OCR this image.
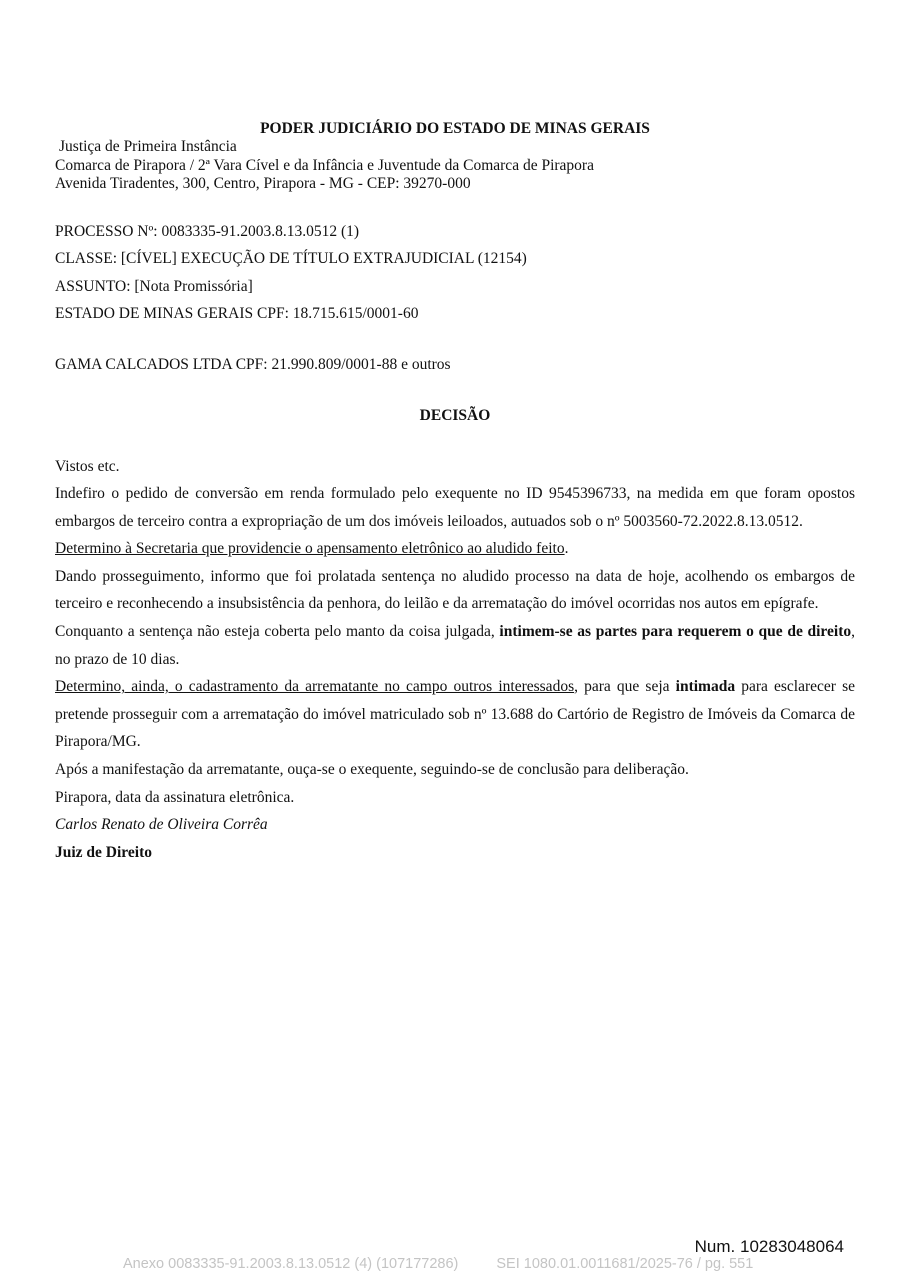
PODER JUDICIÁRIO DO ESTADO DE MINAS GERAIS
Justiça de Primeira Instância
Comarca de Pirapora / 2ª Vara Cível e da Infância e Juventude da Comarca de Pirapora
Avenida Tiradentes, 300, Centro, Pirapora - MG - CEP: 39270-000
PROCESSO Nº: 0083335-91.2003.8.13.0512 (1)
CLASSE: [CÍVEL] EXECUÇÃO DE TÍTULO EXTRAJUDICIAL (12154)
ASSUNTO: [Nota Promissória]
ESTADO DE MINAS GERAIS CPF: 18.715.615/0001-60
GAMA CALCADOS LTDA CPF: 21.990.809/0001-88 e outros
DECISÃO

Vistos etc.

Indefiro o pedido de conversão em renda formulado pelo exequente no ID 9545396733, na medida em que foram opostos embargos de terceiro contra a expropriação de um dos imóveis leiloados, autuados sob o nº 5003560-72.2022.8.13.0512.

Determino à Secretaria que providencie o apensamento eletrônico ao aludido feito.

Dando prosseguimento, informo que foi prolatada sentença no aludido processo na data de hoje, acolhendo os embargos de terceiro e reconhecendo a insubsistência da penhora, do leilão e da arrematação do imóvel ocorridas nos autos em epígrafe.

Conquanto a sentença não esteja coberta pelo manto da coisa julgada, intimem-se as partes para requerem o que de direito, no prazo de 10 dias.

Determino, ainda, o cadastramento da arrematante no campo outros interessados, para que seja intimada para esclarecer se pretende prosseguir com a arrematação do imóvel matriculado sob nº 13.688 do Cartório de Registro de Imóveis da Comarca de Pirapora/MG.

Após a manifestação da arrematante, ouça-se o exequente, seguindo-se de conclusão para deliberação.

Pirapora, data da assinatura eletrônica.

Carlos Renato de Oliveira Corrêa

Juiz de Direito

Num. 10283048064
Anexo 0083335-91.2003.8.13.0512 (4) (107177286)	SEI 1080.01.0011681/2025-76 / pg. 551
